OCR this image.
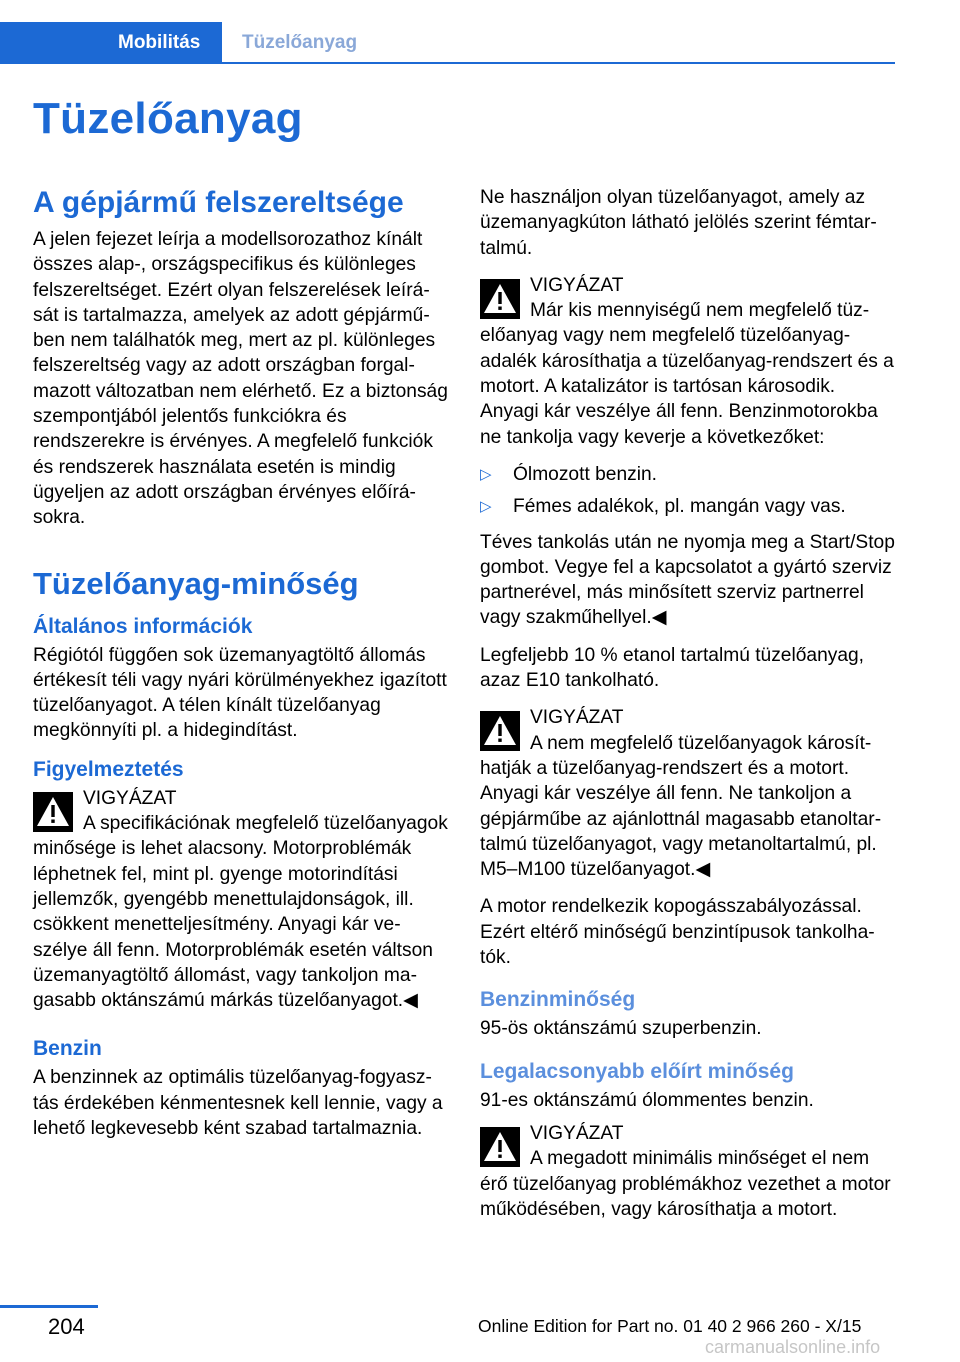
Mobilitás	Tüzelőanyag
Tüzelőanyag
A gépjármű felszereltsége

A jelen fejezet leírja a modellsorozathoz kínált összes alap-, országspecifikus és különleges felszereltséget. Ezért olyan felszerelések leírását is tartalmazza, amelyek az adott gépjárműben nem találhatók meg, mert az pl. különleges felszereltség vagy az adott országban forgalmazott változatban nem elérhető. Ez a biztonság szempontjából jelentős funkciókra és rendszerekre is érvényes. A megfelelő funkciók és rendszerek használata esetén is mindig ügyeljen az adott országban érvényes előírásokra.

Tüzelőanyag-minőség
Általános információk

Régiótól függően sok üzemanyagtöltő állomás értékesít téli vagy nyári körülményekhez igazított tüzelőanyagot. A télen kínált tüzelőanyag megkönnyíti pl. a hidegindítást.

Figyelmeztetés
VIGYÁZAT
A specifikációnak megfelelő tüzelőanyagok minősége is lehet alacsony. Motorproblémák léphetnek fel, mint pl. gyenge motorindítási jellemzők, gyengébb menettulajdonságok, ill. csökkent menetteljesítmény. Anyagi kár veszélye áll fenn. Motorproblémák esetén váltson üzemanyagtöltő állomást, vagy tankoljon magasabb oktánszámú márkás tüzelőanyagot.◀
Benzin

A benzinnek az optimális tüzelőanyag-fogyasztás érdekében kénmentesnek kell lennie, vagy a lehető legkevesebb ként szabad tartalmaznia.

Ne használjon olyan tüzelőanyagot, amely az üzemanyagkúton látható jelölés szerint fémtartalmú.

VIGYÁZAT
Már kis mennyiségű nem megfelelő tüzelőanyag vagy nem megfelelő tüzelőanyag-adalék károsíthatja a tüzelőanyag-rendszert és a motort. A katalizátor is tartósan károsodik. Anyagi kár veszélye áll fenn. Benzinmotorokba ne tankolja vagy keverje a következőket:
▷ Ólmozott benzin.
▷ Fémes adalékok, pl. mangán vagy vas.

Téves tankolás után ne nyomja meg a Start/Stop gombot. Vegye fel a kapcsolatot a gyártó szerviz partnerével, más minősített szerviz partnerrel vagy szakműhellyel.◀

Legfeljebb 10 % etanol tartalmú tüzelőanyag, azaz E10 tankolható.

VIGYÁZAT
A nem megfelelő tüzelőanyagok károsíthatják a tüzelőanyag-rendszert és a motort. Anyagi kár veszélye áll fenn. Ne tankoljon a gépjárműbe az ajánlottnál magasabb etanoltartalmú tüzelőanyagot, vagy metanoltartalmú, pl. M5–M100 tüzelőanyagot.◀

A motor rendelkezik kopogásszabályozással. Ezért eltérő minőségű benzintípusok tankolhatók.

Benzinminőség

95-ös oktánszámú szuperbenzin.

Legalacsonyabb előírt minőség

91-es oktánszámú ólommentes benzin.

VIGYÁZAT
A megadott minimális minőséget el nem érő tüzelőanyag problémákhoz vezethet a motor működésében, vagy károsíthatja a motort.
204	Online Edition for Part no. 01 40 2 966 260 - X/15
carmanualsonline.info
